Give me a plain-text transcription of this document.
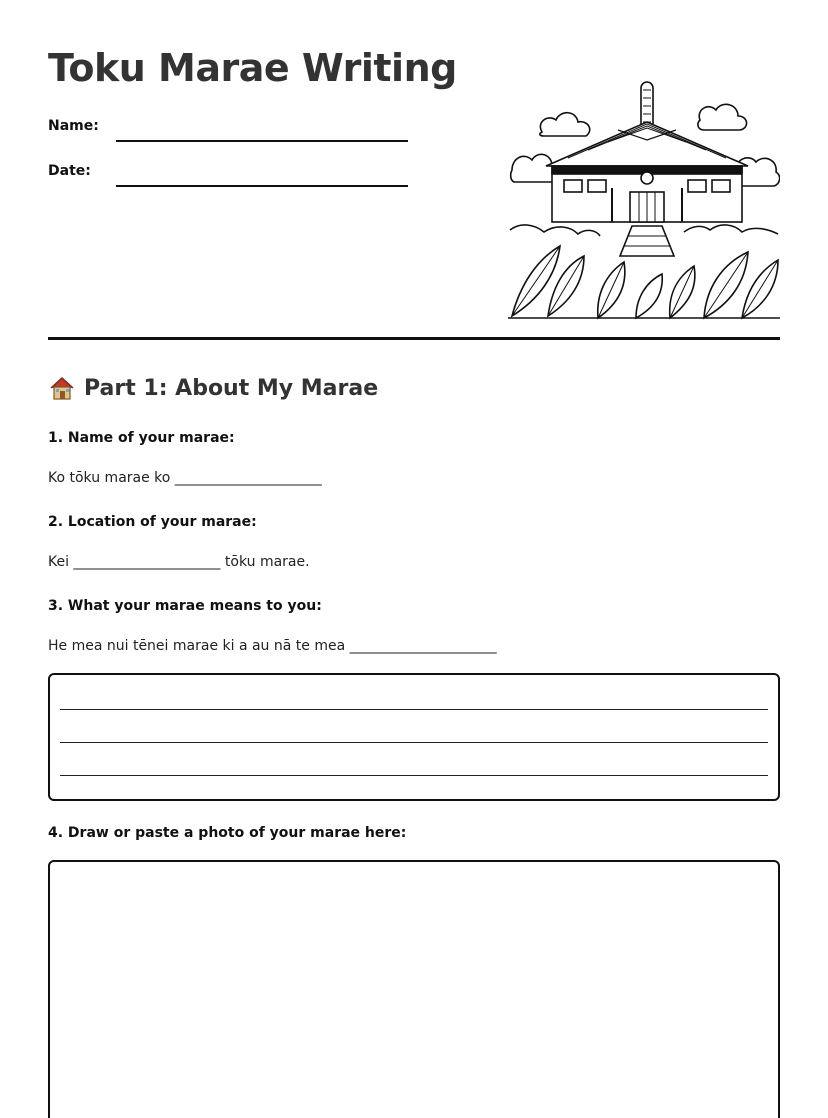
Toku Marae Writing
Name:
Date:
Part 1: About My Marae
1. Name of your marae:
Ko tōku marae ko _____________________
2. Location of your marae:
Kei _____________________ tōku marae.
3. What your marae means to you:
He mea nui tēnei marae ki a au nā te mea _____________________
4. Draw or paste a photo of your marae here:
